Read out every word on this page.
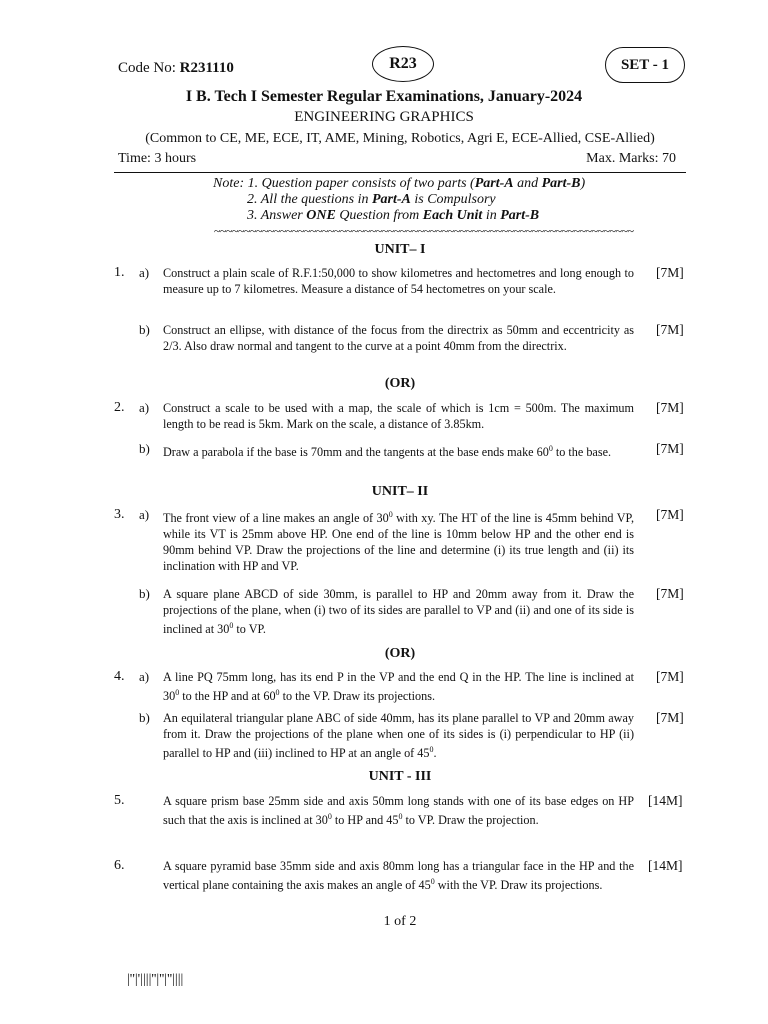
Code No: R231110	R23	SET - 1
I B. Tech I Semester Regular Examinations, January-2024
ENGINEERING GRAPHICS
(Common to CE, ME, ECE, IT, AME, Mining, Robotics, Agri E, ECE-Allied, CSE-Allied)
Time: 3 hours	Max. Marks: 70
Note: 1. Question paper consists of two parts (Part-A and Part-B)
2. All the questions in Part-A is Compulsory
3. Answer ONE Question from Each Unit in Part-B
~~~~~~~~~~~~~~~~~~~~~~~~~~~~~~~~~~~~~~~~~~~~~~~~~~~~~~~~~~~~~~~~~~~~~~
UNIT– I
1. a) Construct a plain scale of R.F.1:50,000 to show kilometres and hectometres and long enough to measure up to 7 kilometres. Measure a distance of 54 hectometres on your scale.
[7M]
b) Construct an ellipse, with distance of the focus from the directrix as 50mm and eccentricity as 2/3. Also draw normal and tangent to the curve at a point 40mm from the directrix.
[7M]
(OR)
2. a) Construct a scale to be used with a map, the scale of which is 1cm = 500m. The maximum length to be read is 5km. Mark on the scale, a distance of 3.85km.
[7M]
b) Draw a parabola if the base is 70mm and the tangents at the base ends make $60^0$ to the base.	[7M]
UNIT– II
3. a) The front view of a line makes an angle of $30^0$ with xy. The HT of the line is 45mm behind VP, while its VT is 25mm above HP. One end of the line is 10mm below HP and the other end is 90mm behind VP. Draw the projections of the line and determine (i) its true length and (ii) its inclination with HP and VP.
[7M]
b) A square plane ABCD of side 30mm, is parallel to HP and 20mm away from it. Draw the projections of the plane, when (i) two of its sides are parallel to VP and (ii) and one of its side is inclined at $30^0$ to VP.
[7M]
(OR)
4. a) A line PQ 75mm long, has its end P in the VP and the end Q in the HP. The line is inclined at $30^0$ to the HP and at $60^0$ to the VP. Draw its projections.
[7M]
b) An equilateral triangular plane ABC of side 40mm, has its plane parallel to VP and 20mm away from it. Draw the projections of the plane when one of its sides is (i) perpendicular to HP (ii) parallel to HP and (iii) inclined to HP at an angle of $45^0$.
[7M]
UNIT - III
5.	A square prism base 25mm side and axis 50mm long stands with one of its base edges on HP such that the axis is inclined at $30^0$ to HP and $45^0$ to VP. Draw the projection.
[14M]
6.	A square pyramid base 35mm side and axis 80mm long has a triangular face in the HP and the vertical plane containing the axis makes an angle of $45^0$ with the VP. Draw its projections.
[14M]
1 of 2
|''|'||||''|''|''||||
